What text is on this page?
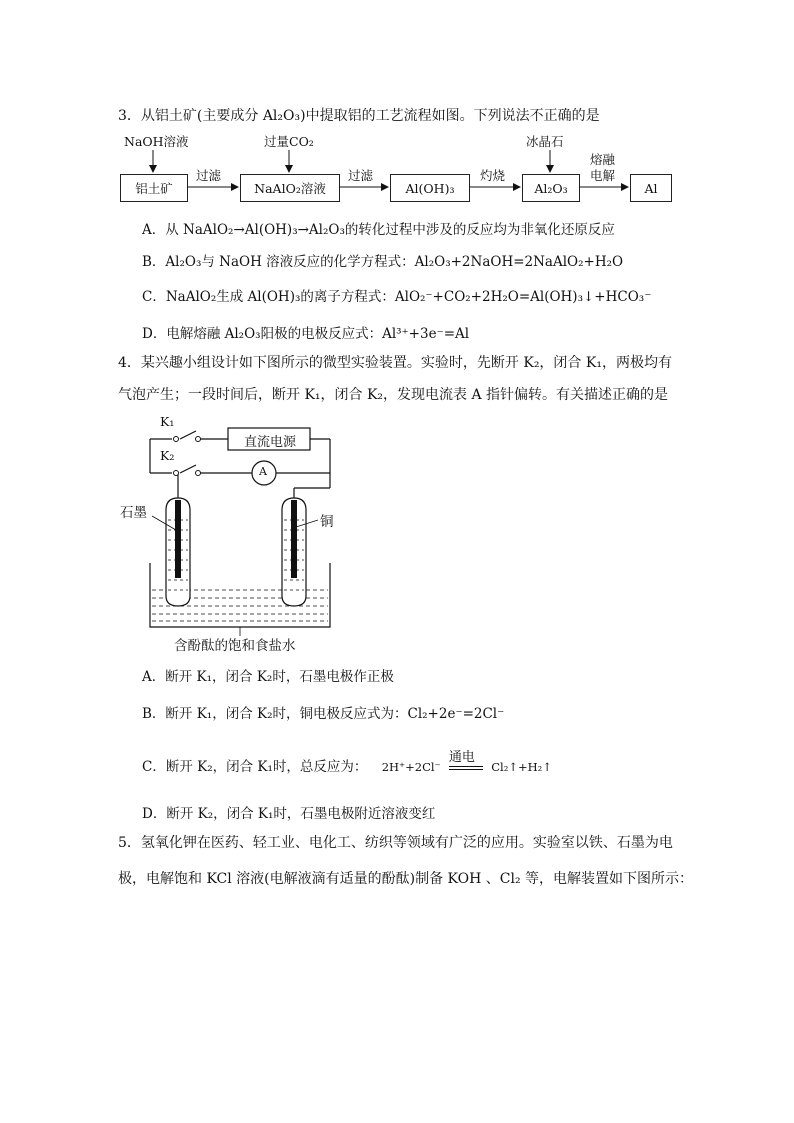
3．从铝土矿(主要成分 Al₂O₃)中提取铝的工艺流程如图。下列说法不正确的是
NaOH溶液	过量CO₂	冰晶石
铝土矿	NaAlO₂溶液	Al(OH)₃	Al₂O₃	Al
过滤	过滤	灼烧
熔融
电解
A．从 NaAlO₂→Al(OH)₃→Al₂O₃的转化过程中涉及的反应均为非氧化还原反应
B．Al₂O₃与 NaOH 溶液反应的化学方程式：Al₂O₃+2NaOH=2NaAlO₂+H₂O
C．NaAlO₂生成 Al(OH)₃的离子方程式：AlO₂⁻+CO₂+2H₂O=Al(OH)₃↓+HCO₃⁻
D．电解熔融 Al₂O₃阳极的电极反应式：Al³⁺+3e⁻=Al
4．某兴趣小组设计如下图所示的微型实验装置。实验时，先断开 K₂，闭合 K₁，两极均有
气泡产生；一段时间后，断开 K₁，闭合 K₂，发现电流表 A 指针偏转。有关描述正确的是
K₁
K₂
直流电源
A
石墨
铜
含酚酞的饱和食盐水
A．断开 K₁，闭合 K₂时，石墨电极作正极
B．断开 K₁，闭合 K₂时，铜电极反应式为：Cl₂+2e⁻=2Cl⁻
C．断开 K₂，闭合 K₁时，总反应为： 2H⁺+2Cl⁻
通电
Cl₂↑+H₂↑
D．断开 K₂，闭合 K₁时，石墨电极附近溶液变红
5．氢氧化钾在医药、轻工业、电化工、纺织等领域有广泛的应用。实验室以铁、石墨为电
极，电解饱和 KCl 溶液(电解液滴有适量的酚酞)制备 KOH 、Cl₂ 等，电解装置如下图所示：
